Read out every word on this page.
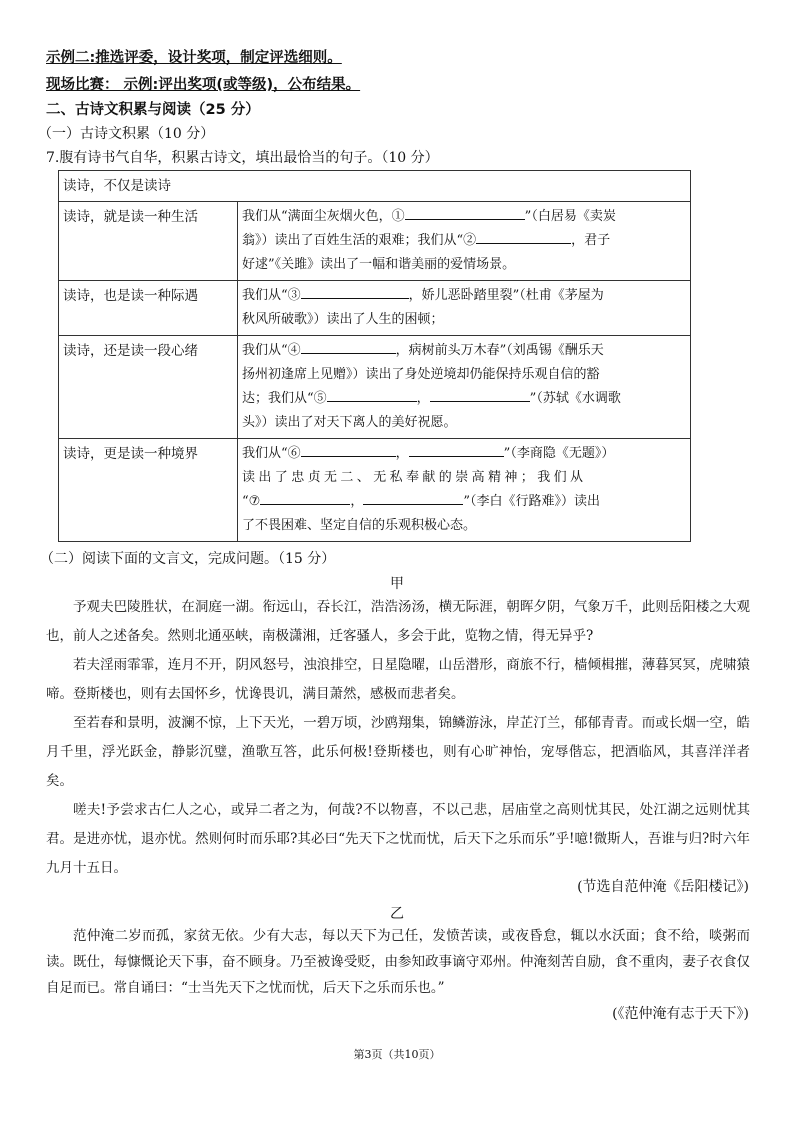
示例二:推选评委，设计奖项，制定评选细则。
现场比赛： 示例:评出奖项(或等级)，公布结果。
二、古诗文积累与阅读（25 分）
（一）古诗文积累（10 分）
7.腹有诗书气自华，积累古诗文，填出最恰当的句子。（10 分）
读诗，不仅是读诗	
读诗，就是读一种生活	我们从“满面尘灰烟火色，① ”（白居易《卖炭
翁》）读出了百姓生活的艰难；我们从“② ，君子
好逑”《关雎》读出了一幅和谐美丽的爱情场景。

读诗，也是读一种际遇	我们从“③ ，娇儿恶卧踏里裂”（杜甫《茅屋为
秋风所破歌》）读出了人生的困顿；

读诗，还是读一段心绪	我们从“④ ，病树前头万木春”（刘禹锡《酬乐天
扬州初逢席上见赠》）读出了身处逆境却仍能保持乐观自信的豁
达；我们从“⑤ ， ”（苏轼《水调歌
头》）读出了对天下离人的美好祝愿。

读诗，更是读一种境界	我们从“⑥ ， ”（李商隐《无题》）
读出了忠贞无二、无私奉献的崇高精神；我们从
“⑦ ， ”（李白《行路难》）读出
了不畏困难、坚定自信的乐观积极心态。
（二）阅读下面的文言文，完成问题。（15 分）
甲

予观夫巴陵胜状，在洞庭一湖。衔远山，吞长江，浩浩汤汤，横无际涯，朝晖夕阴，气象万千，此则岳阳楼之大观也，前人之述备矣。然则北通巫峡，南极潇湘，迁客骚人，多会于此，览物之情，得无异乎?

若夫淫雨霏霏，连月不开，阴风怒号，浊浪排空，日星隐曜，山岳潜形，商旅不行，樯倾楫摧，薄暮冥冥，虎啸猿啼。登斯楼也，则有去国怀乡，忧谗畏讥，满目萧然，感极而悲者矣。

至若春和景明，波澜不惊，上下天光，一碧万顷，沙鸥翔集，锦鳞游泳，岸芷汀兰，郁郁青青。而或长烟一空，皓月千里，浮光跃金，静影沉璧，渔歌互答，此乐何极!登斯楼也，则有心旷神怡，宠辱偕忘，把酒临风，其喜洋洋者矣。

嗟夫!予尝求古仁人之心，或异二者之为，何哉?不以物喜，不以己悲，居庙堂之高则忧其民，处江湖之远则忧其君。是进亦忧，退亦忧。然则何时而乐耶?其必曰“先天下之忧而忧，后天下之乐而乐”乎!噫!微斯人，吾谁与归?时六年九月十五日。

(节选自范仲淹《岳阳楼记》)
乙

范仲淹二岁而孤，家贫无依。少有大志，每以天下为己任，发愤苦读，或夜昏怠，辄以水沃面；食不给，啖粥而读。既仕，每慷慨论天下事，奋不顾身。乃至被谗受贬，由参知政事谪守邓州。仲淹刻苦自励，食不重肉，妻子衣食仅自足而已。常自诵曰：“士当先天下之忧而忧，后天下之乐而乐也。”

(《范仲淹有志于天下》)
第3页（共10页）
